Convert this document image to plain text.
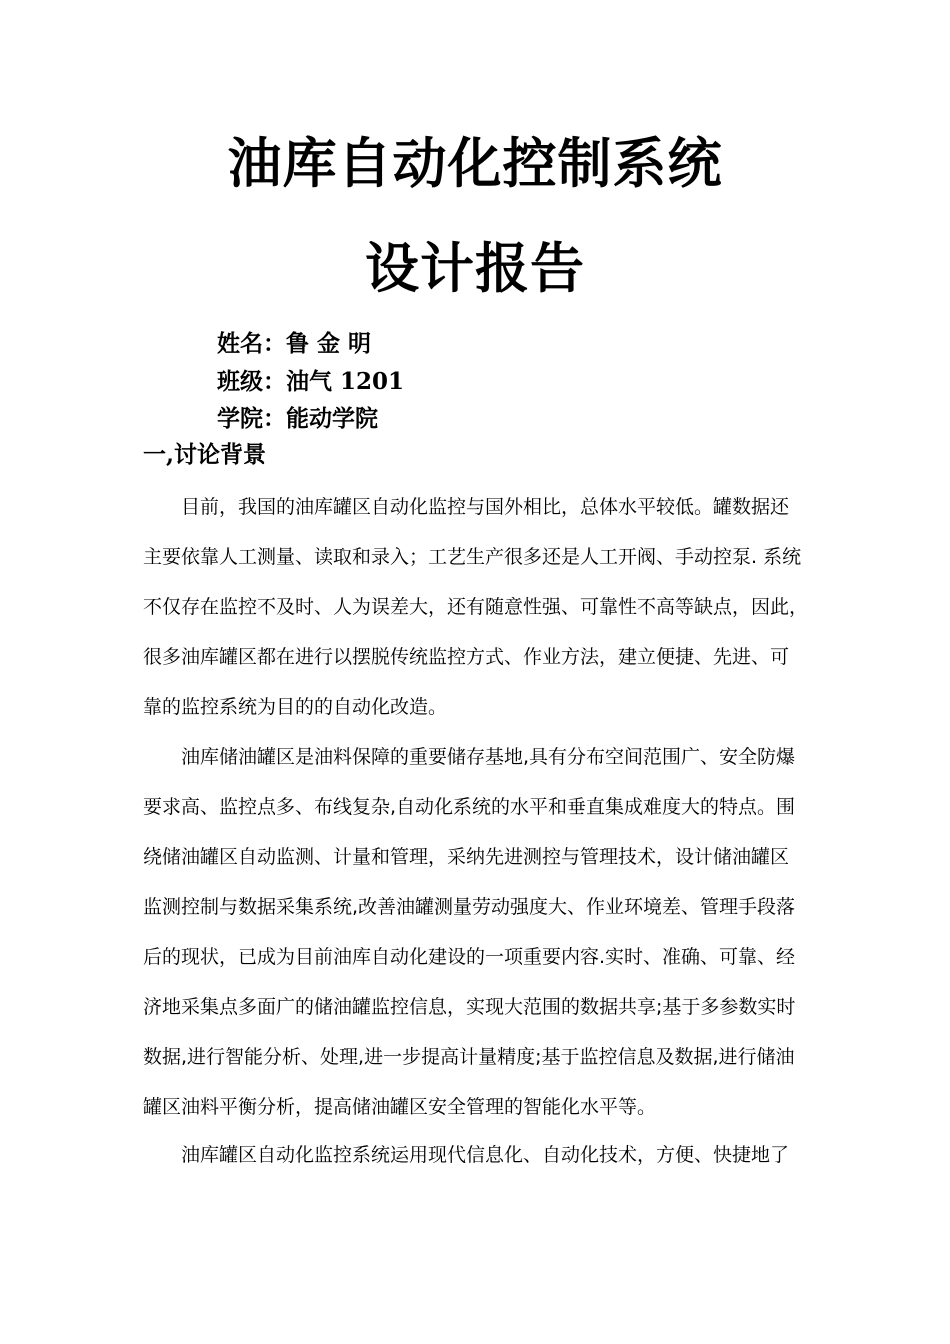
油库自动化控制系统
设计报告
姓名：鲁 金 明
班级：油气 1201
学院：能动学院
一,讨论背景
目前，我国的油库罐区自动化监控与国外相比，总体水平较低。罐数据还
主要依靠人工测量、读取和录入；工艺生产很多还是人工开阀、手动控泵. 系统
不仅存在监控不及时、人为误差大，还有随意性强、可靠性不高等缺点，因此，
很多油库罐区都在进行以摆脱传统监控方式、作业方法，建立便捷、先进、可
靠的监控系统为目的的自动化改造。
油库储油罐区是油料保障的重要储存基地,具有分布空间范围广、安全防爆
要求高、监控点多、布线复杂,自动化系统的水平和垂直集成难度大的特点。围
绕储油罐区自动监测、计量和管理，采纳先进测控与管理技术，设计储油罐区
监测控制与数据采集系统,改善油罐测量劳动强度大、作业环境差、管理手段落
后的现状，已成为目前油库自动化建设的一项重要内容.实时、准确、可靠、经
济地采集点多面广的储油罐监控信息，实现大范围的数据共享;基于多参数实时
数据,进行智能分析、处理,进一步提高计量精度;基于监控信息及数据,进行储油
罐区油料平衡分析，提高储油罐区安全管理的智能化水平等。
油库罐区自动化监控系统运用现代信息化、自动化技术，方便、快捷地了
